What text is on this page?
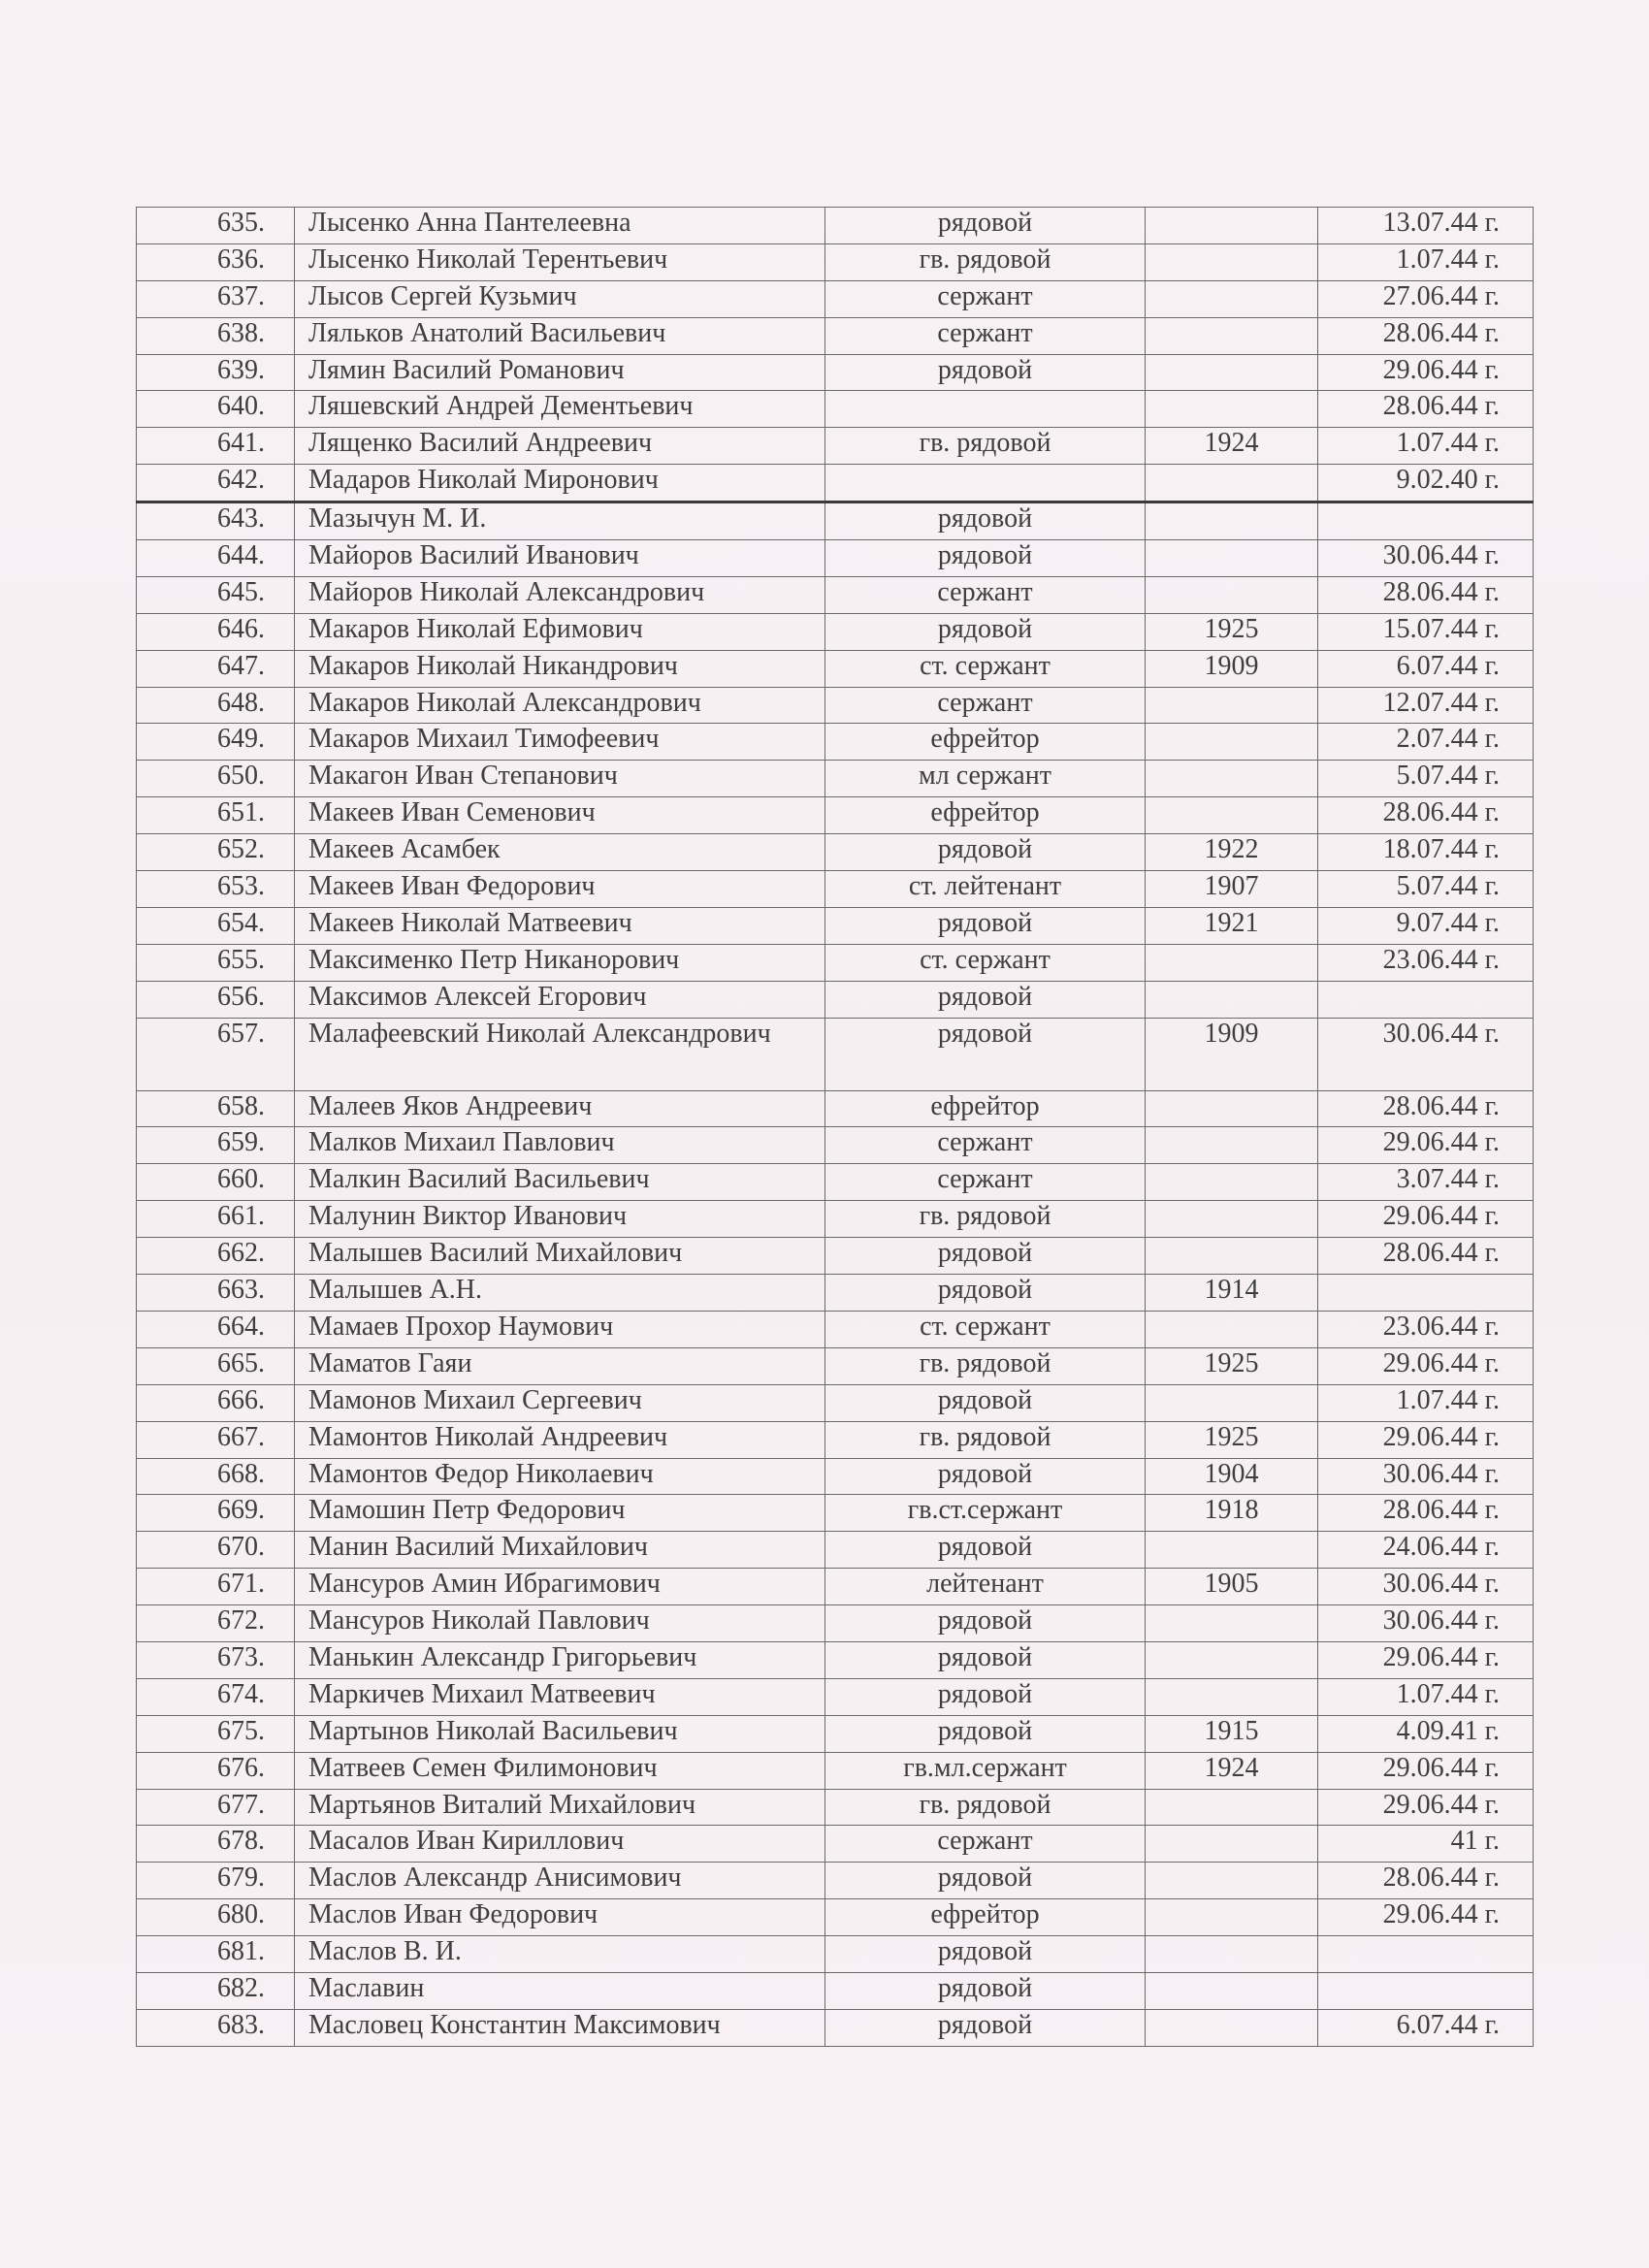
635.	Лысенко Анна Пантелеевна	рядовой		13.07.44 г.
636.	Лысенко Николай Терентьевич	гв. рядовой		1.07.44 г.
637.	Лысов Сергей Кузьмич	сержант		27.06.44 г.
638.	Ляльков Анатолий Васильевич	сержант		28.06.44 г.
639.	Лямин Василий Романович	рядовой		29.06.44 г.
640.	Ляшевский Андрей Дементьевич			28.06.44 г.
641.	Лященко Василий Андреевич	гв. рядовой	1924	1.07.44 г.
642.	Мадаров Николай Миронович			9.02.40 г.
643.	Мазычун М. И.	рядовой		
644.	Майоров Василий Иванович	рядовой		30.06.44 г.
645.	Майоров Николай Александрович	сержант		28.06.44 г.
646.	Макаров Николай Ефимович	рядовой	1925	15.07.44 г.
647.	Макаров Николай Никандрович	ст. сержант	1909	6.07.44 г.
648.	Макаров Николай Александрович	сержант		12.07.44 г.
649.	Макаров Михаил Тимофеевич	ефрейтор		2.07.44 г.
650.	Макагон Иван Степанович	мл сержант		5.07.44 г.
651.	Макеев Иван Семенович	ефрейтор		28.06.44 г.
652.	Макеев Асамбек	рядовой	1922	18.07.44 г.
653.	Макеев Иван Федорович	ст. лейтенант	1907	5.07.44 г.
654.	Макеев Николай Матвеевич	рядовой	1921	9.07.44 г.
655.	Максименко Петр Никанорович	ст. сержант		23.06.44 г.
656.	Максимов Алексей Егорович	рядовой		
657.	Малафеевский Николай Александрович	рядовой	1909	30.06.44 г.
658.	Малеев Яков Андреевич	ефрейтор		28.06.44 г.
659.	Малков Михаил Павлович	сержант		29.06.44 г.
660.	Малкин Василий Васильевич	сержант		3.07.44 г.
661.	Малунин Виктор Иванович	гв. рядовой		29.06.44 г.
662.	Малышев Василий Михайлович	рядовой		28.06.44 г.
663.	Малышев А.Н.	рядовой	1914	
664.	Мамаев Прохор Наумович	ст. сержант		23.06.44 г.
665.	Маматов Гаяи	гв. рядовой	1925	29.06.44 г.
666.	Мамонов Михаил Сергеевич	рядовой		1.07.44 г.
667.	Мамонтов Николай Андреевич	гв. рядовой	1925	29.06.44 г.
668.	Мамонтов Федор Николаевич	рядовой	1904	30.06.44 г.
669.	Мамошин Петр Федорович	гв.ст.сержант	1918	28.06.44 г.
670.	Манин Василий Михайлович	рядовой		24.06.44 г.
671.	Мансуров Амин Ибрагимович	лейтенант	1905	30.06.44 г.
672.	Мансуров Николай Павлович	рядовой		30.06.44 г.
673.	Манькин Александр Григорьевич	рядовой		29.06.44 г.
674.	Маркичев Михаил Матвеевич	рядовой		1.07.44 г.
675.	Мартынов Николай Васильевич	рядовой	1915	4.09.41 г.
676.	Матвеев Семен Филимонович	гв.мл.сержант	1924	29.06.44 г.
677.	Мартьянов Виталий Михайлович	гв. рядовой		29.06.44 г.
678.	Масалов Иван Кириллович	сержант		41 г.
679.	Маслов Александр Анисимович	рядовой		28.06.44 г.
680.	Маслов Иван Федорович	ефрейтор		29.06.44 г.
681.	Маслов В. И.	рядовой		
682.	Маславин	рядовой		
683.	Масловец Константин Максимович	рядовой		6.07.44 г.
